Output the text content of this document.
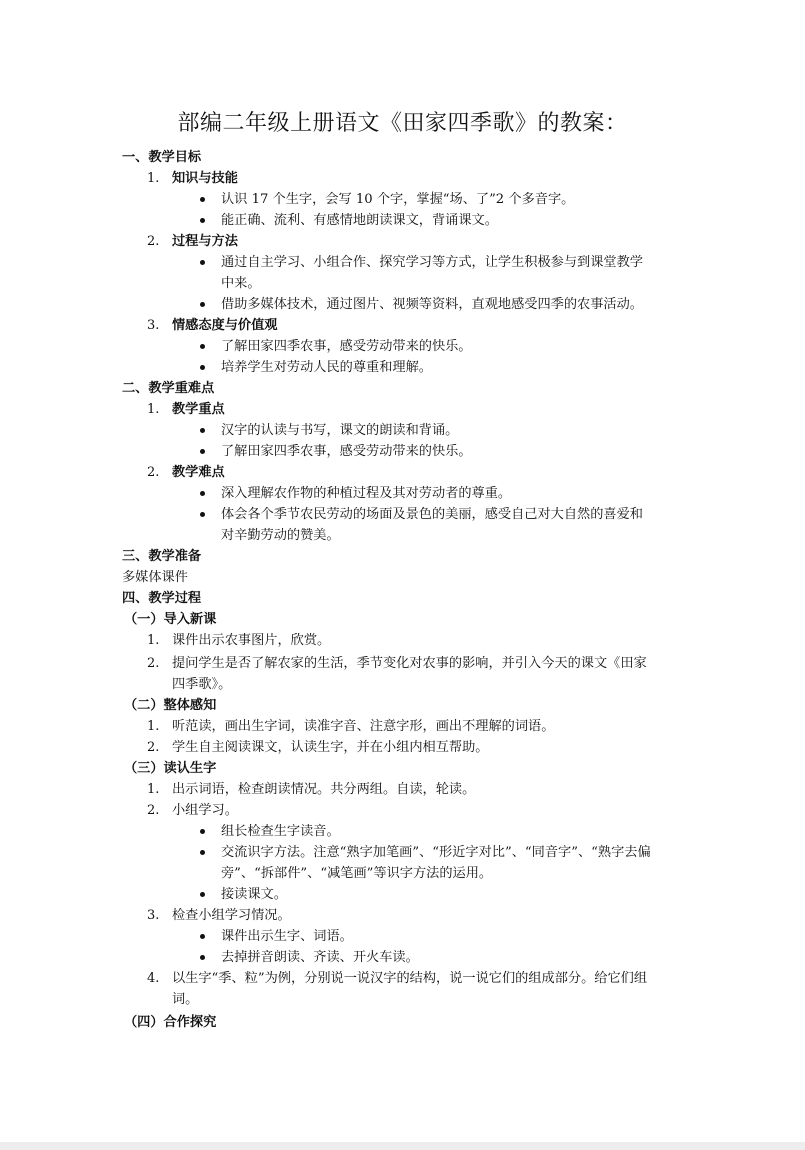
部编二年级上册语文《田家四季歌》的教案：
一、教学目标
1. 知识与技能
认识 17 个生字，会写 10 个字，掌握“场、了”2 个多音字。
能正确、流利、有感情地朗读课文，背诵课文。
2. 过程与方法
通过自主学习、小组合作、探究学习等方式，让学生积极参与到课堂教学
中来。
借助多媒体技术，通过图片、视频等资料，直观地感受四季的农事活动。
3. 情感态度与价值观
了解田家四季农事，感受劳动带来的快乐。
培养学生对劳动人民的尊重和理解。
二、教学重难点
1. 教学重点
汉字的认读与书写，课文的朗读和背诵。
了解田家四季农事，感受劳动带来的快乐。
2. 教学难点
深入理解农作物的种植过程及其对劳动者的尊重。
体会各个季节农民劳动的场面及景色的美丽，感受自己对大自然的喜爱和
对辛勤劳动的赞美。
三、教学准备
多媒体课件
四、教学过程
（一）导入新课
1. 课件出示农事图片，欣赏。
2. 提问学生是否了解农家的生活，季节变化对农事的影响，并引入今天的课文《田家
四季歌》。
（二）整体感知
1. 听范读，画出生字词，读准字音、注意字形，画出不理解的词语。
2. 学生自主阅读课文，认读生字，并在小组内相互帮助。
（三）读认生字
1. 出示词语，检查朗读情况。共分两组。自读，轮读。
2. 小组学习。
组长检查生字读音。
交流识字方法。注意“熟字加笔画”、“形近字对比”、“同音字”、“熟字去偏
旁”、“拆部件”、“减笔画”等识字方法的运用。
接读课文。
3. 检查小组学习情况。
课件出示生字、词语。
去掉拼音朗读、齐读、开火车读。
4. 以生字“季、粒”为例，分别说一说汉字的结构，说一说它们的组成部分。给它们组
词。
（四）合作探究
